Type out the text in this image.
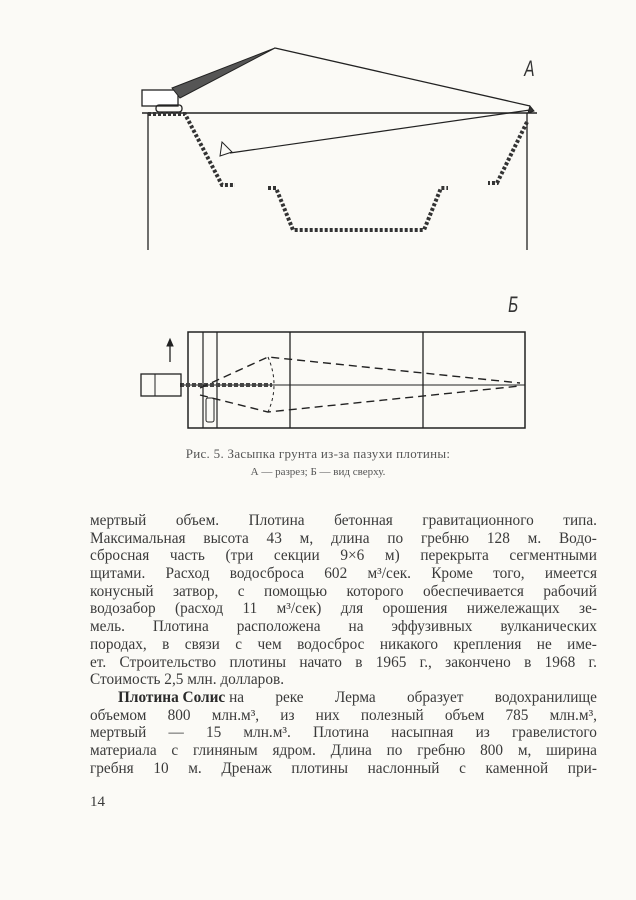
А
Б
Рис. 5. Засыпка грунта из-за пазухи плотины:
А — разрез; Б — вид сверху.
мертвый объем. Плотина бетонная гравитационного типа.
Максимальная высота 43 м, длина по гребню 128 м. Водо-
сбросная часть (три секции 9×6 м) перекрыта сегментными
щитами. Расход водосброса 602 м³/сек. Кроме того, имеется
конусный затвор, с помощью которого обеспечивается рабочий
водозабор (расход 11 м³/сек) для орошения нижележащих зе-
мель. Плотина расположена на эффузивных вулканических
породах, в связи с чем водосброс никакого крепления не име-
ет. Строительство плотины начато в 1965 г., закончено в 1968 г.
Стоимость 2,5 млн. долларов.
Плотина Солис
на реке Лерма образует водохранилище
объемом 800 млн.м³, из них полезный объем 785 млн.м³,
мертвый — 15 млн.м³. Плотина насыпная из гравелистого
материала с глиняным ядром. Длина по гребню 800 м, ширина
гребня 10 м. Дренаж плотины наслонный с каменной при-
14
